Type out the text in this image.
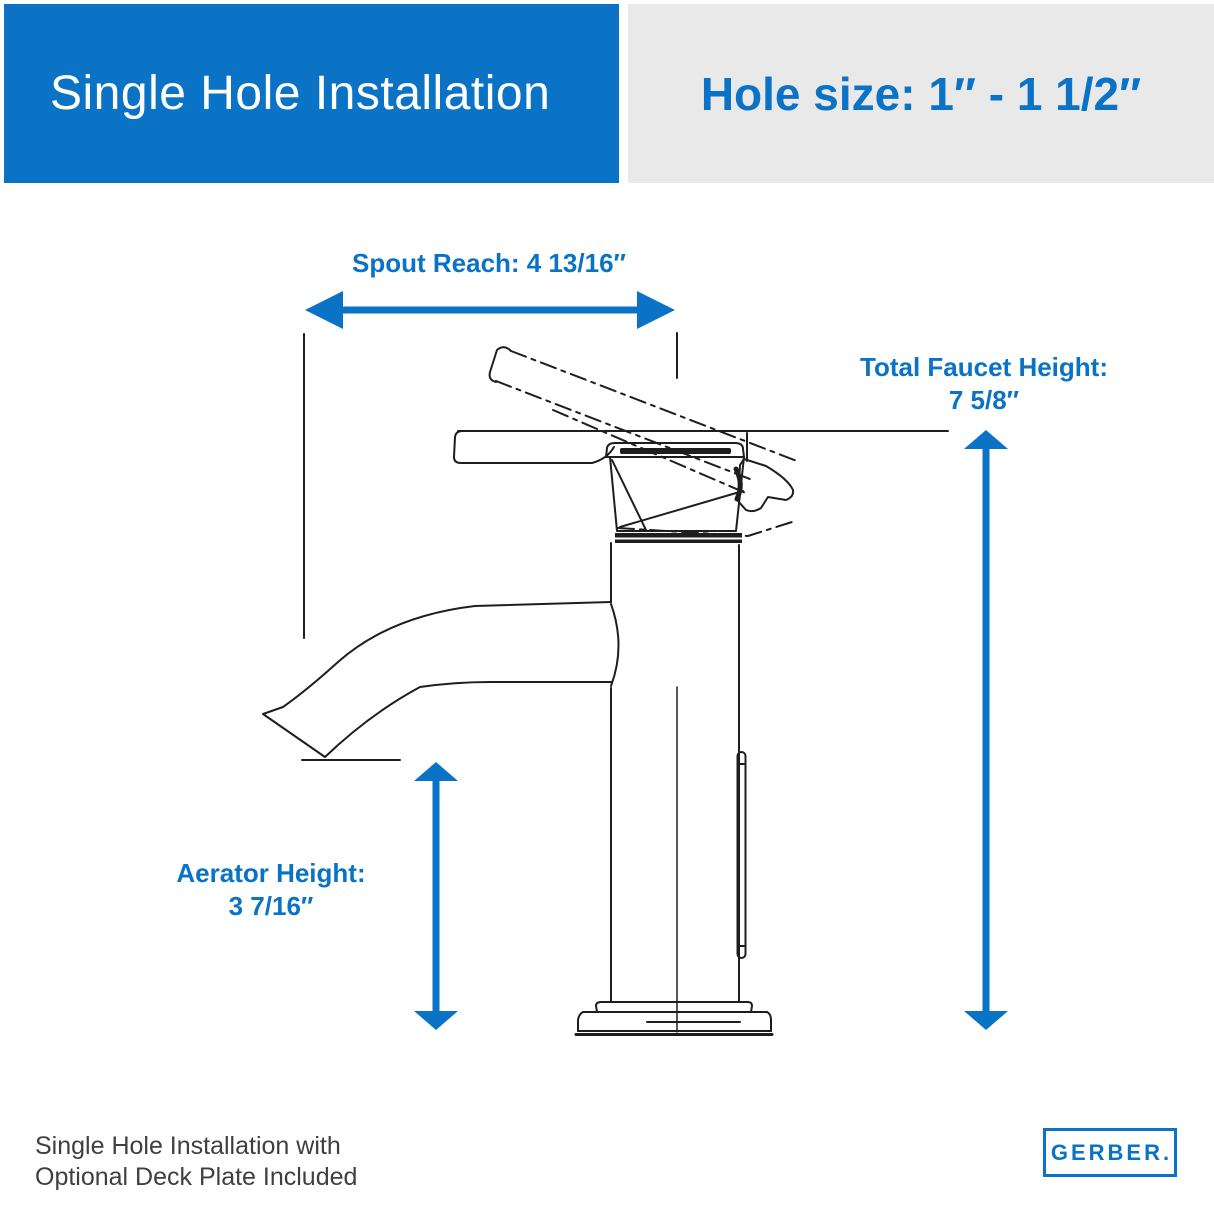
Single Hole Installation	Hole size: 1″ - 1 1/2″
Spout Reach: 4 13/16″
Total Faucet Height:
7 5/8″
Aerator Height:
3 7/16″
Single Hole Installation with
Optional Deck Plate Included
GERBER.
